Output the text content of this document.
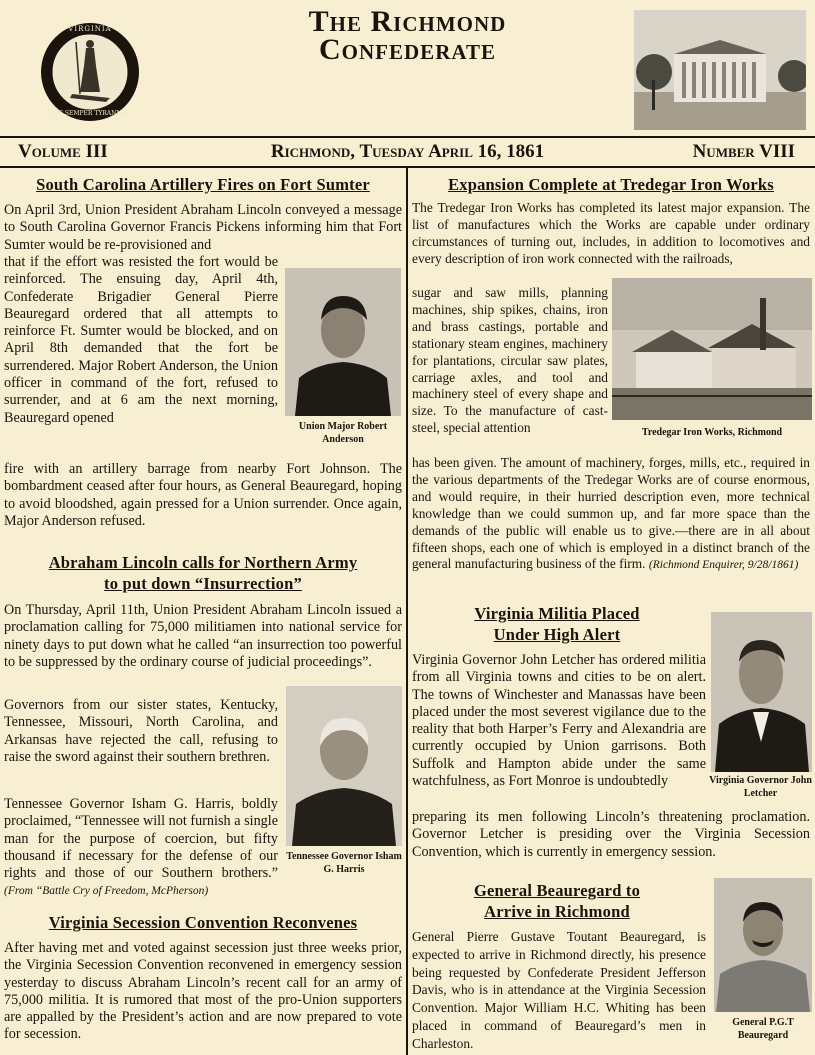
VIRGINIA
SIC SEMPER TYRANNIS
The Richmond
Confederate
Volume III	Richmond, Tuesday April 16, 1861	Number VIII
South Carolina Artillery Fires on Fort Sumter
On April 3rd, Union President Abraham Lincoln conveyed a message to South Carolina Governor Francis Pickens informing him that Fort Sumter would be re-provisioned and
that if the effort was resisted the fort would be reinforced. The ensuing day, April 4th, Confederate Brigadier General Pierre Beauregard ordered that all attempts to reinforce Ft. Sumter would be blocked, and on April 8th demanded that the fort be surrendered. Major Robert Anderson, the Union officer in command of the fort, refused to surrender, and at 6 am the next morning, Beauregard opened
Union Major Robert Anderson
fire with an artillery barrage from nearby Fort Johnson. The bombardment ceased after four hours, as General Beauregard, hoping to avoid bloodshed, again pressed for a Union surrender. Once again, Major Anderson refused.
Abraham Lincoln calls for Northern Army
to put down “Insurrection”
On Thursday, April 11th, Union President Abraham Lincoln issued a proclamation calling for 75,000 militiamen into national service for ninety days to put down what he called “an insurrection too powerful to be suppressed by the ordinary course of judicial proceedings”.
Governors from our sister states, Kentucky, Tennessee, Missouri, North Carolina, and Arkansas have rejected the call, refusing to raise the sword against their southern brethren.
Tennessee Governor Isham G. Harris, boldly proclaimed, “Tennessee will not furnish a single man for the purpose of coercion, but fifty thousand if necessary for the defense of our rights and those of our Southern brothers.” (From “Battle Cry of Freedom, McPherson)
Tennessee Governor Isham G. Harris
Virginia Secession Convention Reconvenes
After having met and voted against secession just three weeks prior, the Virginia Secession Convention reconvened in emergency session yesterday to discuss Abraham Lincoln’s recent call for an army of 75,000 militia. It is rumored that most of the pro-Union supporters are appalled by the President’s action and are now prepared to vote for secession.
Expansion Complete at Tredegar Iron Works
The Tredegar Iron Works has completed its latest major expansion. The list of manufactures which the Works are capable under ordinary circumstances of turning out, includes, in addition to locomotives and every description of iron work connected with the railroads,
sugar and saw mills, planning machines, ship spikes, chains, iron and brass castings, portable and stationary steam engines, machinery for plantations, circular saw plates, carriage axles, and tool and machinery steel of every shape and size. To the manufacture of cast-steel, special attention	Tredegar Iron Works, Richmond
has been given. The amount of machinery, forges, mills, etc., required in the various departments of the Tredegar Works are of course enormous, and would require, in their hurried description even, more technical knowledge than we could summon up, and far more space than the demands of the public will enable us to give.—there are in all about fifteen shops, each one of which is employed in a distinct branch of the general manufacturing business of the firm. (Richmond Enquirer, 9/28/1861)
Virginia Militia Placed
Under High Alert
Virginia Governor John Letcher has ordered militia from all Virginia towns and cities to be on alert. The towns of Winchester and Manassas have been placed under the most severest vigilance due to the reality that both Harper’s Ferry and Alexandria are currently occupied by Union garrisons. Both Suffolk and Hampton abide under the same watchfulness, as Fort Monroe is undoubtedly	Virginia Governor John Letcher
preparing its men following Lincoln’s threatening proclamation. Governor Letcher is presiding over the Virginia Secession Convention, which is currently in emergency session.
General Beauregard to
Arrive in Richmond
General Pierre Gustave Toutant Beauregard, is expected to arrive in Richmond directly, his presence being requested by Confederate President Jefferson Davis, who is in attendance at the Virginia Secession Convention. Major William H.C. Whiting has been placed in command of Beauregard’s men in Charleston.
General P.G.T Beauregard
